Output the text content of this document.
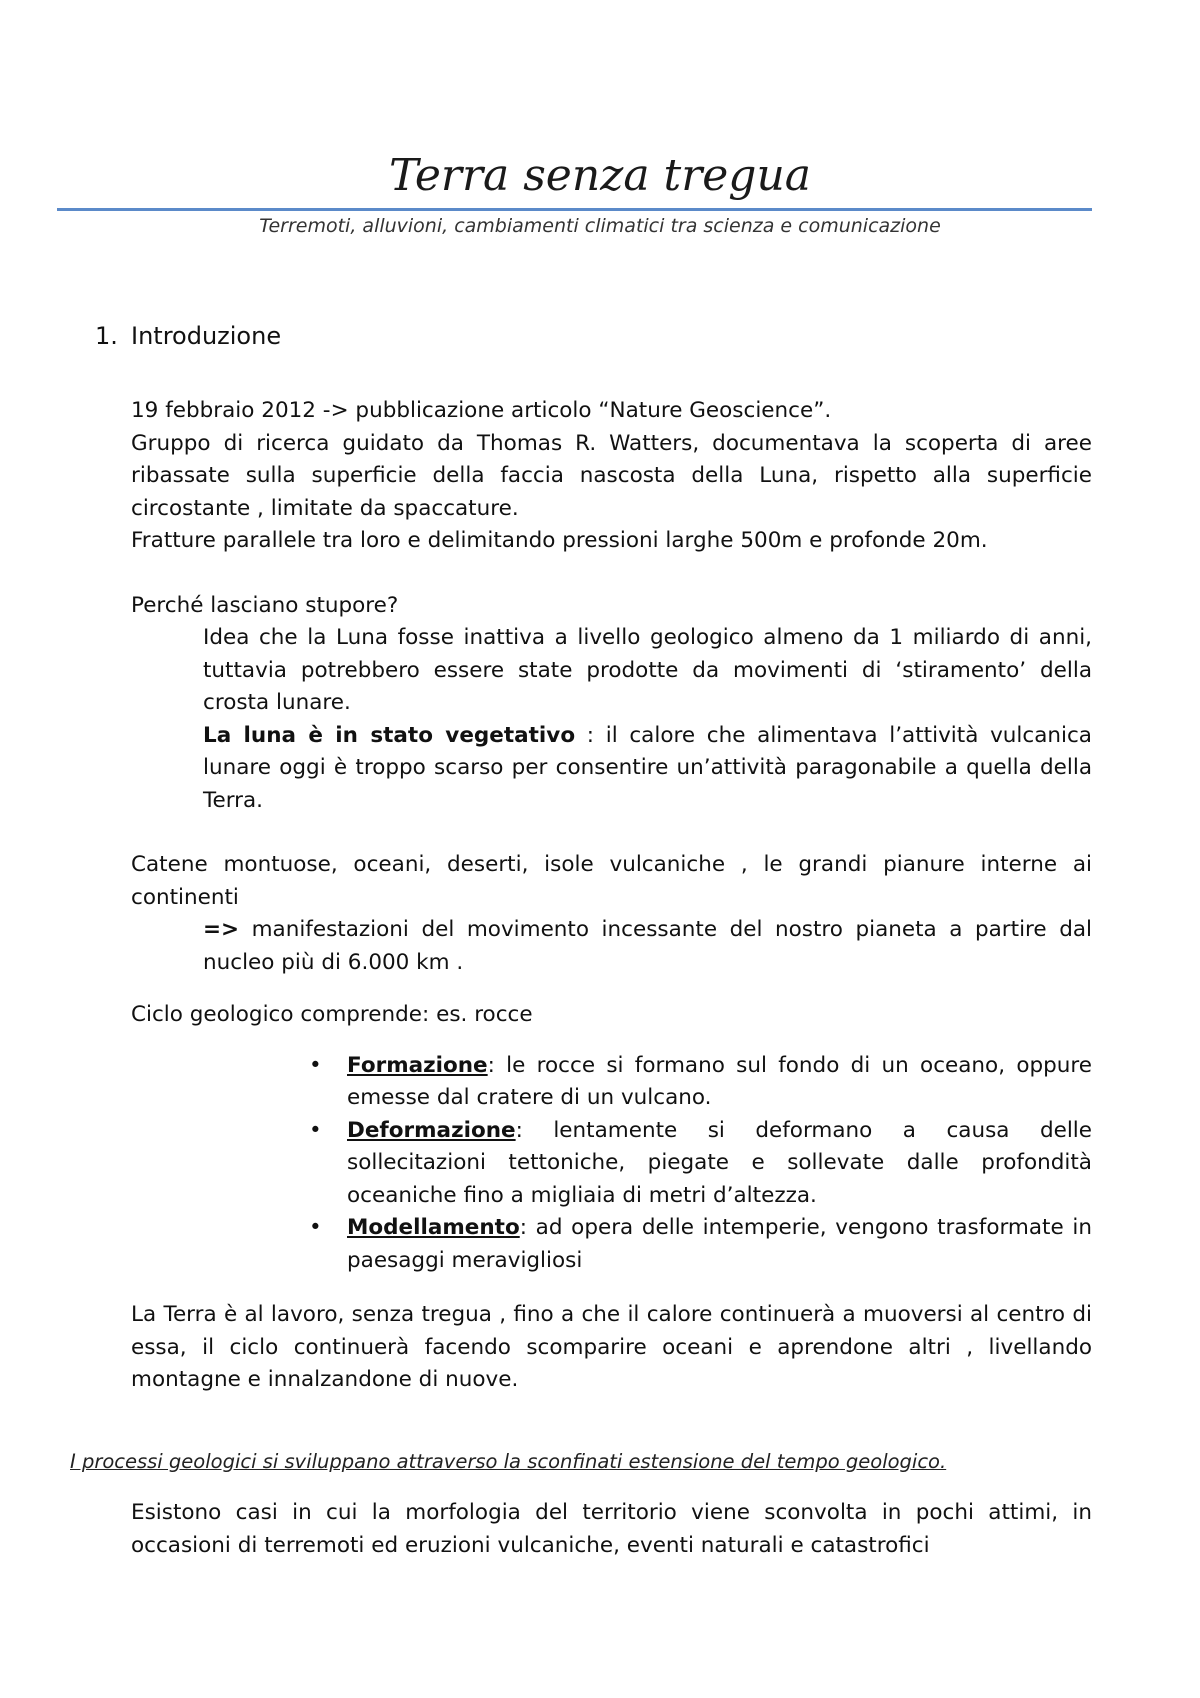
Terra senza tregua
Terremoti, alluvioni, cambiamenti climatici tra scienza e comunicazione
1. Introduzione

19 febbraio 2012 -> pubblicazione articolo “Nature Geoscience”.

Gruppo di ricerca guidato da Thomas R. Watters, documentava la scoperta di aree ribassate sulla superficie della faccia nascosta della Luna, rispetto alla superficie circostante , limitate da spaccature.

Fratture parallele tra loro e delimitando pressioni larghe 500m e profonde 20m.

Perché lasciano stupore?

Idea che la Luna fosse inattiva a livello geologico almeno da 1 miliardo di anni, tuttavia potrebbero essere state prodotte da movimenti di ‘stiramento’ della crosta lunare.

La luna è in stato vegetativo : il calore che alimentava l’attività vulcanica lunare oggi è troppo scarso per consentire un’attività paragonabile a quella della Terra.

Catene montuose, oceani, deserti, isole vulcaniche , le grandi pianure interne ai continenti

=> manifestazioni del movimento incessante del nostro pianeta a partire dal nucleo più di 6.000 km .

Ciclo geologico comprende: es. rocce

• Formazione: le rocce si formano sul fondo di un oceano, oppure emesse dal cratere di un vulcano.
• Deformazione: lentamente si deformano a causa delle sollecitazioni tettoniche, piegate e sollevate dalle profondità oceaniche fino a migliaia di metri d’altezza.
• Modellamento: ad opera delle intemperie, vengono trasformate in paesaggi meravigliosi

La Terra è al lavoro, senza tregua , fino a che il calore continuerà a muoversi al centro di essa, il ciclo continuerà facendo scomparire oceani e aprendone altri , livellando montagne e innalzandone di nuove.

I processi geologici si sviluppano attraverso la sconfinati estensione del tempo geologico.
Esistono casi in cui la morfologia del territorio viene sconvolta in pochi attimi, in occasioni di terremoti ed eruzioni vulcaniche, eventi naturali e catastrofici
